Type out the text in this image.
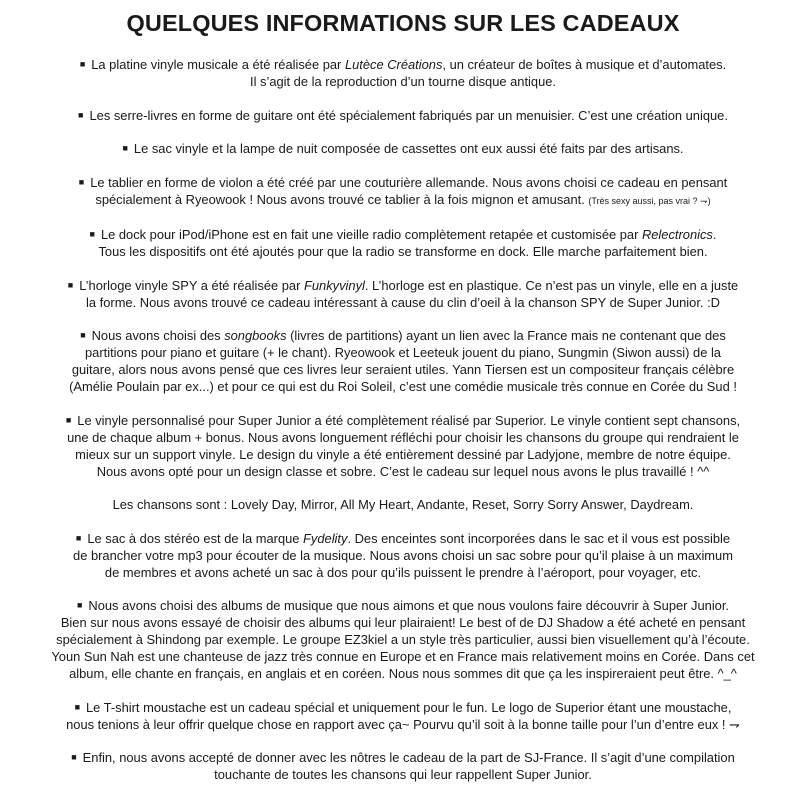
QUELQUES INFORMATIONS SUR LES CADEAUX

■ La platine vinyle musicale a été réalisée par Lutèce Créations, un créateur de boîtes à musique et d’automates.
Il s’agit de la reproduction d’un tourne disque antique.

■ Les serre-livres en forme de guitare ont été spécialement fabriqués par un menuisier. C’est une création unique.

■ Le sac vinyle et la lampe de nuit composée de cassettes ont eux aussi été faits par des artisans.

■ Le tablier en forme de violon a été créé par une couturière allemande. Nous avons choisi ce cadeau en pensant
spécialement à Ryeowook ! Nous avons trouvé ce tablier à la fois mignon et amusant. (Très sexy aussi, pas vrai ? ⇁)

■ Le dock pour iPod/iPhone est en fait une vieille radio complètement retapée et customisée par Relectronics.
Tous les dispositifs ont été ajoutés pour que la radio se transforme en dock. Elle marche parfaitement bien.

■ L’horloge vinyle SPY a été réalisée par Funkyvinyl. L’horloge est en plastique. Ce n’est pas un vinyle, elle en a juste
la forme. Nous avons trouvé ce cadeau intéressant à cause du clin d’oeil à la chanson SPY de Super Junior. :D

■ Nous avons choisi des songbooks (livres de partitions) ayant un lien avec la France mais ne contenant que des
partitions pour piano et guitare (+ le chant). Ryeowook et Leeteuk jouent du piano, Sungmin (Siwon aussi) de la
guitare, alors nous avons pensé que ces livres leur seraient utiles. Yann Tiersen est un compositeur français célèbre
(Amélie Poulain par ex...) et pour ce qui est du Roi Soleil, c’est une comédie musicale très connue en Corée du Sud !

■ Le vinyle personnalisé pour Super Junior a été complètement réalisé par Superior. Le vinyle contient sept chansons,
une de chaque album + bonus. Nous avons longuement réfléchi pour choisir les chansons du groupe qui rendraient le
mieux sur un support vinyle. Le design du vinyle a été entièrement dessiné par Ladyjone, membre de notre équipe.
Nous avons opté pour un design classe et sobre. C’est le cadeau sur lequel nous avons le plus travaillé ! ^^

Les chansons sont : Lovely Day, Mirror, All My Heart, Andante, Reset, Sorry Sorry Answer, Daydream.

■ Le sac à dos stéréo est de la marque Fydelity. Des enceintes sont incorporées dans le sac et il vous est possible
de brancher votre mp3 pour écouter de la musique. Nous avons choisi un sac sobre pour qu’il plaise à un maximum
de membres et avons acheté un sac à dos pour qu’ils puissent le prendre à l’aéroport, pour voyager, etc.

■ Nous avons choisi des albums de musique que nous aimons et que nous voulons faire découvrir à Super Junior.
Bien sur nous avons essayé de choisir des albums qui leur plairaient! Le best of de DJ Shadow a été acheté en pensant
spécialement à Shindong par exemple. Le groupe EZ3kiel a un style très particulier, aussi bien visuellement qu’à l’écoute.
Youn Sun Nah est une chanteuse de jazz très connue en Europe et en France mais relativement moins en Corée. Dans cet
album, elle chante en français, en anglais et en coréen. Nous nous sommes dit que ça les inspireraient peut être. ^_^

■ Le T-shirt moustache est un cadeau spécial et uniquement pour le fun. Le logo de Superior étant une moustache,
nous tenions à leur offrir quelque chose en rapport avec ça~ Pourvu qu’il soit à la bonne taille pour l’un d’entre eux ! ⇁

■ Enfin, nous avons accepté de donner avec les nôtres le cadeau de la part de SJ-France. Il s’agit d’une compilation
touchante de toutes les chansons qui leur rappellent Super Junior.
